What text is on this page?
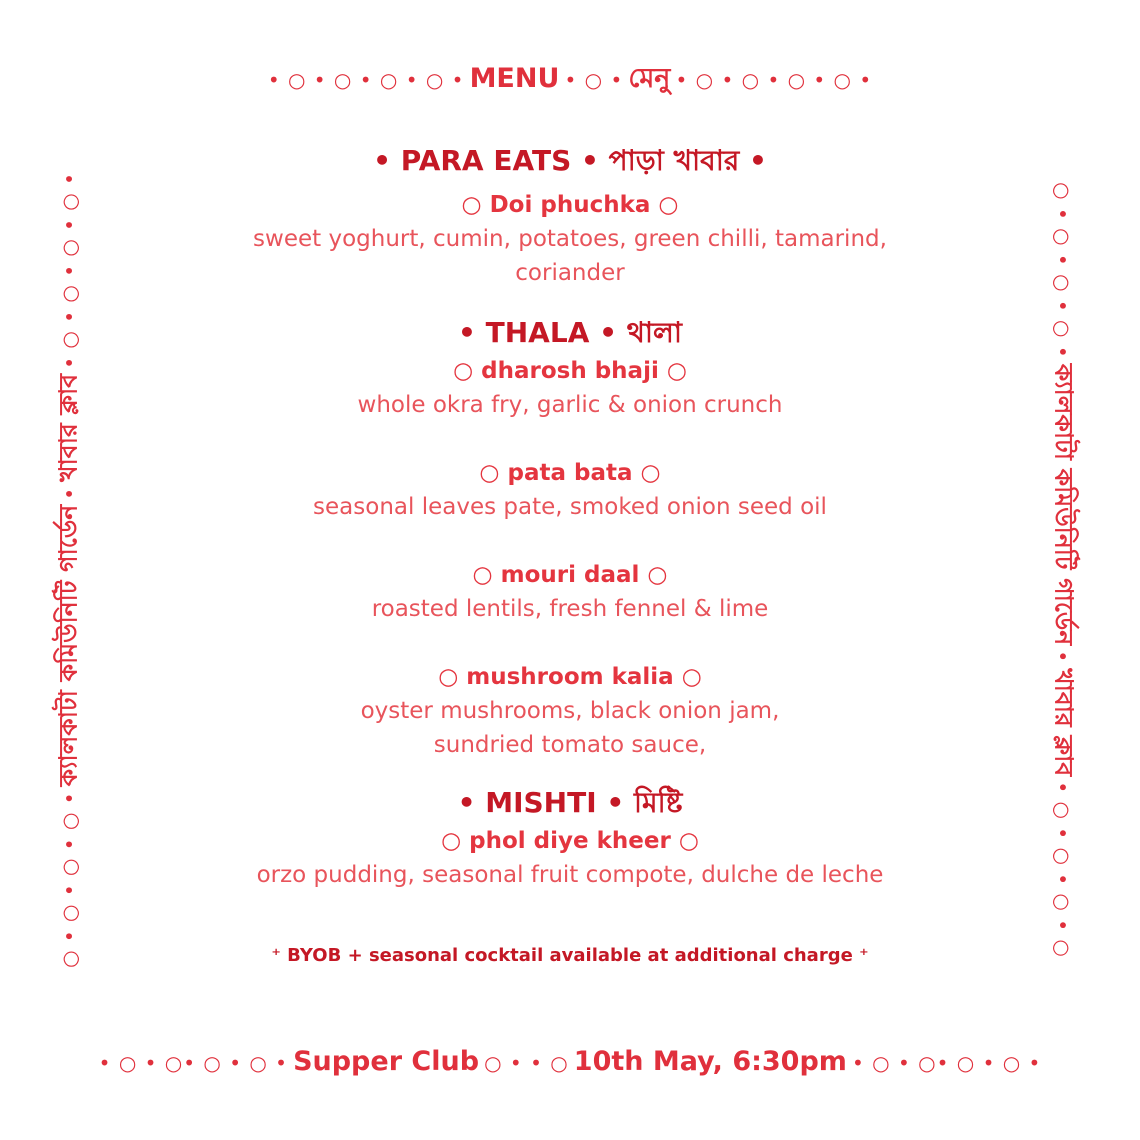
• ○ • ○ • ○ • ○ • MENU • ○ • মেনু • ○ • ○ • ○ • ○ •
○ • ○ • ○ • ○ • ক্যালকাটা কমিউনিটি গার্ডেন • খাবার ক্লাব • ○ • ○ • ○ • ○ •	○ • ○ • ○ • ○ • ক্যালকাটা কমিউনিটি গার্ডেন • খাবার ক্লাব • ○ • ○ • ○ • ○
• PARA EATS • পাড়া খাবার •

○ Doi phuchka ○

sweet yoghurt, cumin, potatoes, green chilli, tamarind, coriander

• THALA • থালা

○ dharosh bhaji ○

whole okra fry, garlic & onion crunch

○ pata bata ○

seasonal leaves pate, smoked onion seed oil

○ mouri daal ○

roasted lentils, fresh fennel & lime

○ mushroom kalia ○

oyster mushrooms, black onion jam, sundried tomato sauce,

• MISHTI • মিষ্টি

○ phol diye kheer ○

orzo pudding, seasonal fruit compote, dulche de leche

⁺ BYOB + seasonal cocktail available at additional charge ⁺

• ○ • ○• ○ • ○ • Supper Club ○ • • ○ 10th May, 6:30pm • ○ • ○• ○ • ○ •
